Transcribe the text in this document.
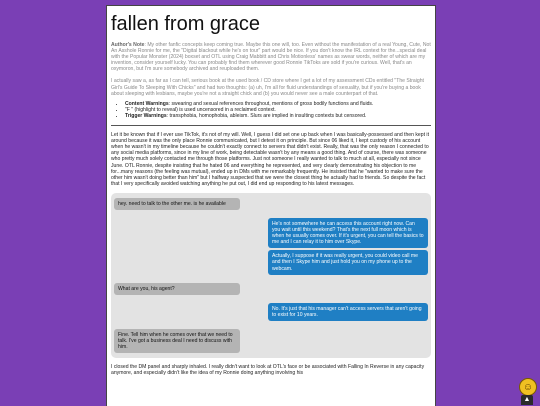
fallen from grace

Author's Note: My other fanfic concepts keep coming true. Maybe this one will, too. Even without the manifestation of a real Young, Cute, Not An Asshole Ronnie for me, the "Digital blackout while he's on tour" part would be nice. If you don't know the IRL context for the...special deal with the Popular Monster (2024) boxset and OTL using Craig Mabbitt and Chris Motionless' names as swear words, neither of which are my invention, consider yourself lucky. You can probably find them wherever good Ronnie TikToks are sold if you're curious. Well, that's an oxymoron, but I'm sure somebody archived and reuploaded them.

I actually saw a, as far as I can tell, serious book at the used book / CD store where I get a lot of my assessment CDs entitled "The Straight Girl's Guide To Sleeping With Chicks" and had two thoughts: (a) uh, I'm all for fluid understandings of sexuality, but if you're buying a book about sleeping with lesbians, maybe you're not a straight chick and (b) you would never see a male counterpart of that.

• Content Warnings: swearing and sexual references throughout, mentions of gross bodily functions and fluids.
• "F " (highlight to reveal) is used uncensored in a reclaimed context.
• Trigger Warnings: transphobia, homophobia, ableism. Slurs are implied in insulting contexts but censored.

Let it be known that if I ever use TikTok, it's not of my will. Well, I guess I did set one up back when I was basically-possessed and then kept it around because it was the only place Ronnie communicated, but I detest it on principle. But since 06 liked it, I kept custody of his account when he wasn't in my timeline because he couldn't exactly connect to servers that didn't exist. Really, that was the only reason I connected to any social media platforms, since in my line of work, being detectable wasn't by any means a good thing. And of course, there was someone who pretty much solely contacted me through those platforms. Just not someone I really wanted to talk to much at all, especially not since June. OTL Ronnie, despite insisting that he hated 06 and everything he represented, and very clearly demonstrating his objection to me for...many reasons (the feeling was mutual), ended up in DMs with me remarkably frequently. He insisted that he "wanted to make sure the other him wasn't doing better than him" but I halfway suspected that we were the closest thing he actually had to friends. So despite the fact that I very specifically avoided watching anything he put out, I did end up responding to his latest messages.

hey. need to talk to the other me. is he available
He's not somewhere he can access this account right now. Can you wait until this weekend? That's the next full moon which is when he usually comes over. If it's urgent, you can tell the basics to me and I can relay it to him over Skype.
Actually, I suppose if it was really urgent, you could video call me and then I Skype him and just hold you on my phone up to the webcam.
What are you, his agent?
No. It's just that his manager can't access servers that aren't going to exist for 10 years.
Fine. Tell him when he comes over that we need to talk. I've got a business deal I need to discuss with him.

I closed the DM panel and sharply inhaled. I really didn't want to look at OTL's face or be associated with Falling In Reverse in any capacity anymore, and especially didn't like the idea of my Ronnie doing anything involving his

☺
▲
